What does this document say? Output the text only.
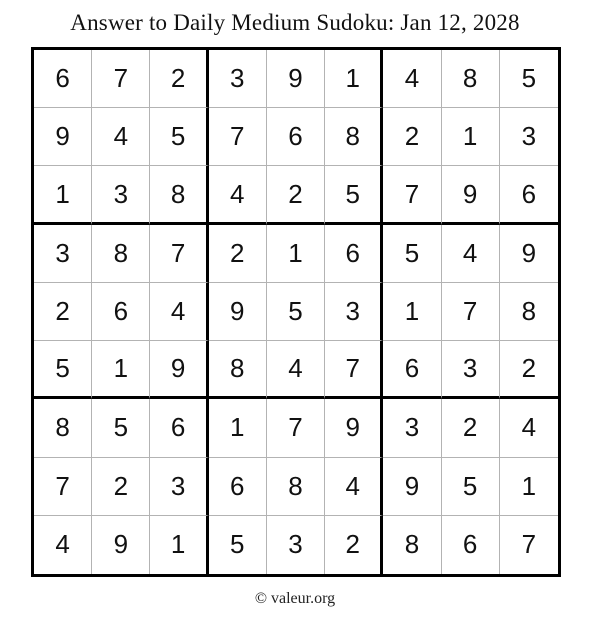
Answer to Daily Medium Sudoku: Jan 12, 2028
6	7	2	3	9	1	4	8	5
9	4	5	7	6	8	2	1	3
1	3	8	4	2	5	7	9	6
3	8	7	2	1	6	5	4	9
2	6	4	9	5	3	1	7	8
5	1	9	8	4	7	6	3	2
8	5	6	1	7	9	3	2	4
7	2	3	6	8	4	9	5	1
4	9	1	5	3	2	8	6	7
© valeur.org
